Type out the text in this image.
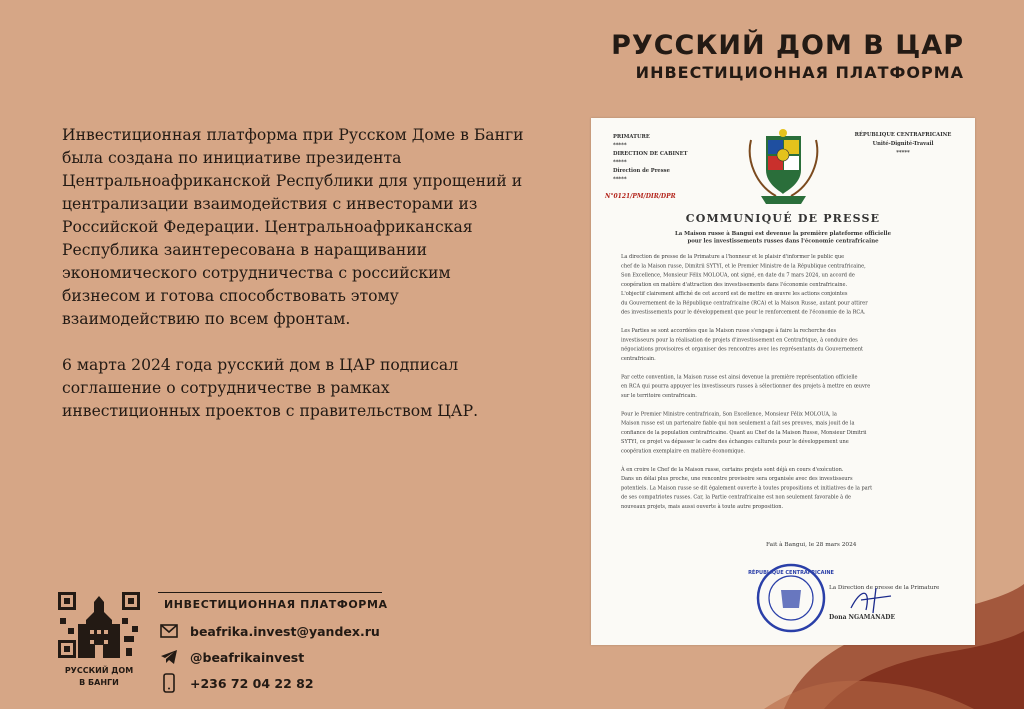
РУССКИЙ ДОМ В ЦАР
ИНВЕСТИЦИОННАЯ ПЛАТФОРМА

Инвестиционная платформа при Русском Доме в Банги была создана по инициативе президента Центральноафриканской Республики для упрощений и централизации взаимодействия с инвесторами из Российской Федерации. Центральноафриканская Республика заинтересована в наращивании экономического сотрудничества с российским бизнесом и готова способствовать этому взаимодействию по всем фронтам.

6 марта 2024 года русский дом в ЦАР подписал соглашение о сотрудничестве в рамках инвестиционных проектов с правительством ЦАР.

PRIMATURE
*****
DIRECTION DE CABINET
*****
Direction de Presse
*****
N°0121/PM/DIR/DPR
RÉPUBLIQUE CENTRAFRICAINE
Unité-Dignité-Travail
*****
COMMUNIQUÉ DE PRESSE
La Maison russe à Bangui est devenue la première plateforme officielle
pour les investissements russes dans l'économie centrafricaine
La direction de presse de la Primature a l'honneur et le plaisir d'informer le public que
chef de la Maison russe, Dimitrii SYTYI, et le Premier Ministre de la République centrafricaine,
Son Excellence, Monsieur Félix MOLOUA, ont signé, en date du 7 mars 2024, un accord de
coopération en matière d'attraction des investissements dans l'économie centrafricaine.
L'objectif clairement affiché de cet accord est de mettre en œuvre les actions conjointes
du Gouvernement de la République centrafricaine (RCA) et la Maison Russe, autant pour attirer
des investissements pour le développement que pour le renforcement de l'économie de la RCA.
Les Parties se sont accordées que la Maison russe s'engage à faire la recherche des
investisseurs pour la réalisation de projets d'investissement en Centrafrique, à conduire des
négociations provisoires et organiser des rencontres avec les représentants du Gouvernement
centrafricain.
Par cette convention, la Maison russe est ainsi devenue la première représentation officielle
en RCA qui pourra appuyer les investisseurs russes à sélectionner des projets à mettre en œuvre
sur le territoire centrafricain.
Pour le Premier Ministre centrafricain, Son Excellence, Monsieur Félix MOLOUA, la
Maison russe est un partenaire fiable qui non seulement a fait ses preuves, mais jouit de la
confiance de la population centrafricaine. Quant au Chef de la Maison Russe, Monsieur Dimitrii
SYTYI, ce projet va dépasser le cadre des échanges culturels pour le développement une
coopération exemplaire en matière économique.
À en croire le Chef de la Maison russe, certains projets sont déjà en cours d'exécution.
Dans un délai plus proche, une rencontre provisoire sera organisée avec des investisseurs
potentiels. La Maison russe se dit également ouverte à toutes propositions et initiatives de la part
de ses compatriotes russes. Car, la Partie centrafricaine est non seulement favorable à de
nouveaux projets, mais aussi ouverte à toute autre proposition.
Fait à Bangui, le 28 mars 2024
RÉPUBLIQUE CENTRAFRICAINE
La Direction de presse de la Primature
Dona NGAMANADE
РУССКИЙ ДОМ
В БАНГИ
ИНВЕСТИЦИОННАЯ ПЛАТФОРМА
beafrika.invest@yandex.ru
@beafrikainvest
+236 72 04 22 82
